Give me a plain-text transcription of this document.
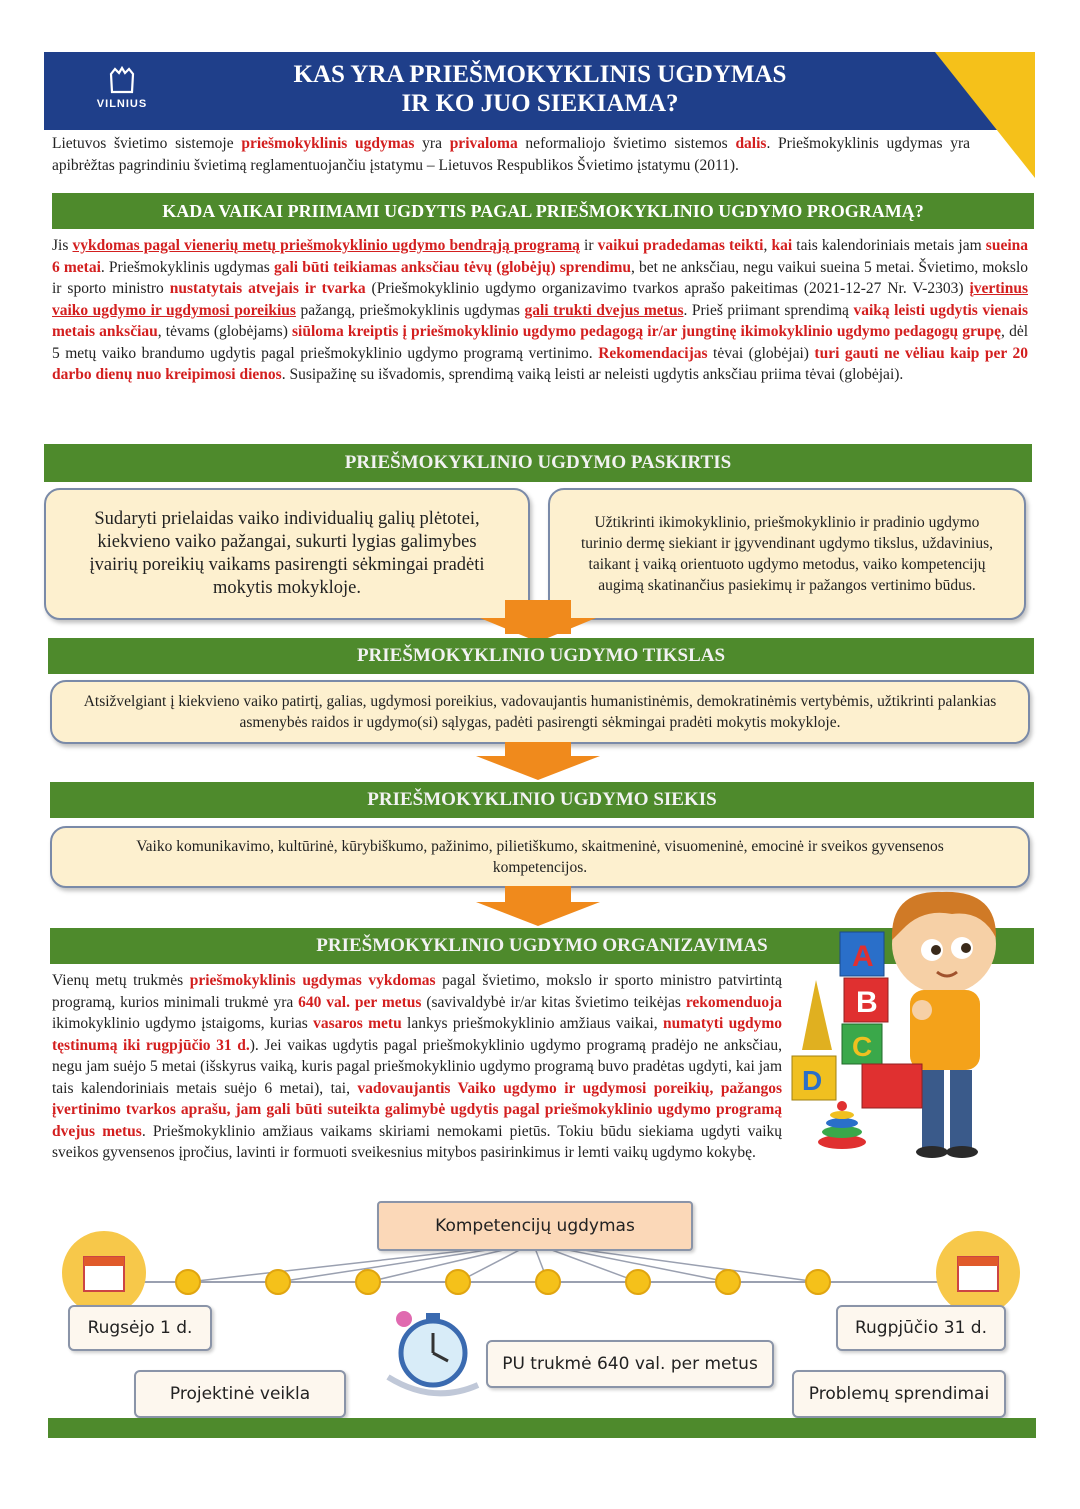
VILNIUS
KAS YRA PRIEŠMOKYKLINIS UGDYMAS
IR KO JUO SIEKIAMA?
Lietuvos švietimo sistemoje priešmokyklinis ugdymas yra privaloma neformaliojo švietimo sistemos dalis. Priešmokyklinis ugdymas yra apibrėžtas pagrindiniu švietimą reglamentuojančiu įstatymu – Lietuvos Respublikos Švietimo įstatymu (2011).
KADA VAIKAI PRIIMAMI UGDYTIS PAGAL PRIEŠMOKYKLINIO UGDYMO PROGRAMĄ?
Jis vykdomas pagal vienerių metų priešmokyklinio ugdymo bendrąją programą ir vaikui pradedamas teikti, kai tais kalendoriniais metais jam sueina 6 metai. Priešmokyklinis ugdymas gali būti teikiamas anksčiau tėvų (globėjų) sprendimu, bet ne anksčiau, negu vaikui sueina 5 metai. Švietimo, mokslo ir sporto ministro nustatytais atvejais ir tvarka (Priešmokyklinio ugdymo organizavimo tvarkos aprašo pakeitimas (2021-12-27 Nr. V-2303) įvertinus vaiko ugdymo ir ugdymosi poreikius pažangą, priešmokyklinis ugdymas gali trukti dvejus metus. Prieš priimant sprendimą vaiką leisti ugdytis vienais metais anksčiau, tėvams (globėjams) siūloma kreiptis į priešmokyklinio ugdymo pedagogą ir/ar jungtinę ikimokyklinio ugdymo pedagogų grupę, dėl 5 metų vaiko brandumo ugdytis pagal priešmokyklinio ugdymo programą vertinimo. Rekomendacijas tėvai (globėjai) turi gauti ne vėliau kaip per 20 darbo dienų nuo kreipimosi dienos. Susipažinę su išvadomis, sprendimą vaiką leisti ar neleisti ugdytis anksčiau priima tėvai (globėjai).
PRIEŠMOKYKLINIO UGDYMO PASKIRTIS
Sudaryti prielaidas vaiko individualių galių plėtotei, kiekvieno vaiko pažangai, sukurti lygias galimybes įvairių poreikių vaikams pasirengti sėkmingai pradėti mokytis mokykloje.
Užtikrinti ikimokyklinio, priešmokyklinio ir pradinio ugdymo turinio dermę siekiant ir įgyvendinant ugdymo tikslus, uždavinius, taikant į vaiką orientuoto ugdymo metodus, vaiko kompetencijų augimą skatinančius pasiekimų ir pažangos vertinimo būdus.
PRIEŠMOKYKLINIO UGDYMO TIKSLAS
Atsižvelgiant į kiekvieno vaiko patirtį, galias, ugdymosi poreikius, vadovaujantis humanistinėmis, demokratinėmis vertybėmis, užtikrinti palankias asmenybės raidos ir ugdymo(si) sąlygas, padėti pasirengti sėkmingai pradėti mokytis mokykloje.
PRIEŠMOKYKLINIO UGDYMO SIEKIS
Vaiko komunikavimo, kultūrinė, kūrybiškumo, pažinimo, pilietiškumo, skaitmeninė, visuomeninė, emocinė ir sveikos gyvensenos kompetencijos.
PRIEŠMOKYKLINIO UGDYMO ORGANIZAVIMAS
Vienų metų trukmės priešmokyklinis ugdymas vykdomas pagal švietimo, mokslo ir sporto ministro patvirtintą programą, kurios minimali trukmė yra 640 val. per metus (savivaldybė ir/ar kitas švietimo teikėjas rekomenduoja ikimokyklinio ugdymo įstaigoms, kurias vasaros metu lankys priešmokyklinio amžiaus vaikai, numatyti ugdymo tęstinumą iki rugpjūčio 31 d.). Jei vaikas ugdytis pagal priešmokyklinio ugdymo programą pradėjo ne anksčiau, negu jam suėjo 5 metai (išskyrus vaiką, kuris pagal priešmokyklinio ugdymo programą buvo pradėtas ugdyti, kai jam tais kalendoriniais metais suėjo 6 metai), tai, vadovaujantis Vaiko ugdymo ir ugdymosi poreikių, pažangos įvertinimo tvarkos aprašu, jam gali būti suteikta galimybė ugdytis pagal priešmokyklinio ugdymo programą dvejus metus. Priešmokyklinio amžiaus vaikams skiriami nemokami pietūs. Tokiu būdu siekiama ugdyti vaikų sveikos gyvensenos įpročius, lavinti ir formuoti sveikesnius mitybos pasirinkimus ir lemti vaikų ugdymo kokybę.
A
B
C
D
Kompetencijų ugdymas
Rugsėjo 1 d.	Rugpjūčio 31 d.
PU trukmė 640 val. per metus
Projektinė veikla	Problemų sprendimai
